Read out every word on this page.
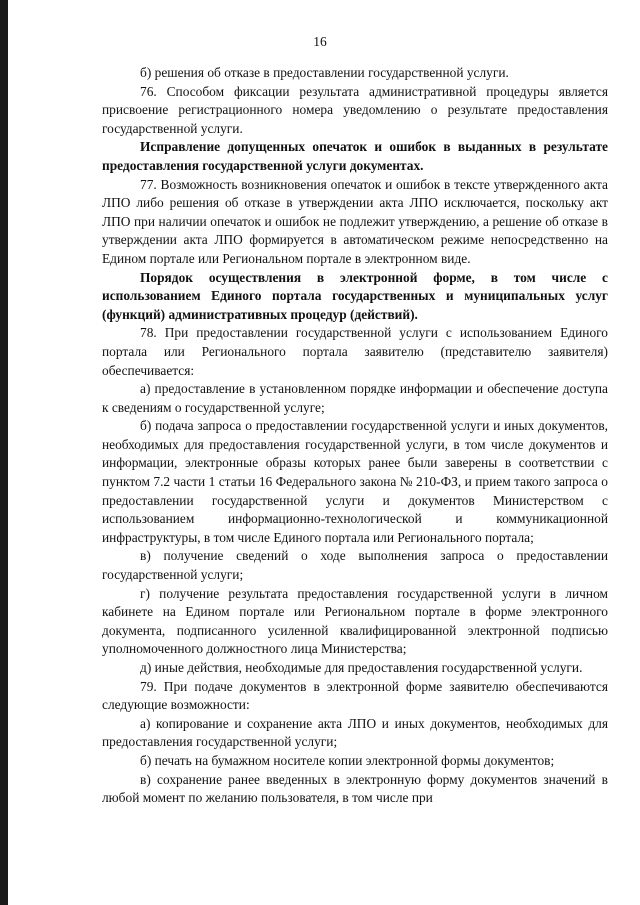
16

б) решения об отказе в предоставлении государственной услуги.

76. Способом фиксации результата административной процедуры является присвоение регистрационного номера уведомлению о результате предоставления государственной услуги.

Исправление допущенных опечаток и ошибок в выданных в результате предоставления государственной услуги документах.

77. Возможность возникновения опечаток и ошибок в тексте утвержденного акта ЛПО либо решения об отказе в утверждении акта ЛПО исключается, поскольку акт ЛПО при наличии опечаток и ошибок не подлежит утверждению, а решение об отказе в утверждении акта ЛПО формируется в автоматическом режиме непосредственно на Едином портале или Региональном портале в электронном виде.

Порядок осуществления в электронной форме, в том числе с использованием Единого портала государственных и муниципальных услуг (функций) административных процедур (действий).

78. При предоставлении государственной услуги с использованием Единого портала или Регионального портала заявителю (представителю заявителя) обеспечивается:

а) предоставление в установленном порядке информации и обеспечение доступа к сведениям о государственной услуге;

б) подача запроса о предоставлении государственной услуги и иных документов, необходимых для предоставления государственной услуги, в том числе документов и информации, электронные образы которых ранее были заверены в соответствии с пунктом 7.2 части 1 статьи 16 Федерального закона № 210-ФЗ, и прием такого запроса о предоставлении государственной услуги и документов Министерством с использованием информационно-технологической и коммуникационной инфраструктуры, в том числе Единого портала или Регионального портала;

в) получение сведений о ходе выполнения запроса о предоставлении государственной услуги;

г) получение результата предоставления государственной услуги в личном кабинете на Едином портале или Региональном портале в форме электронного документа, подписанного усиленной квалифицированной электронной подписью уполномоченного должностного лица Министерства;

д) иные действия, необходимые для предоставления государственной услуги.

79. При подаче документов в электронной форме заявителю обеспечиваются следующие возможности:

а) копирование и сохранение акта ЛПО и иных документов, необходимых для предоставления государственной услуги;

б) печать на бумажном носителе копии электронной формы документов;

в) сохранение ранее введенных в электронную форму документов значений в любой момент по желанию пользователя, в том числе при
